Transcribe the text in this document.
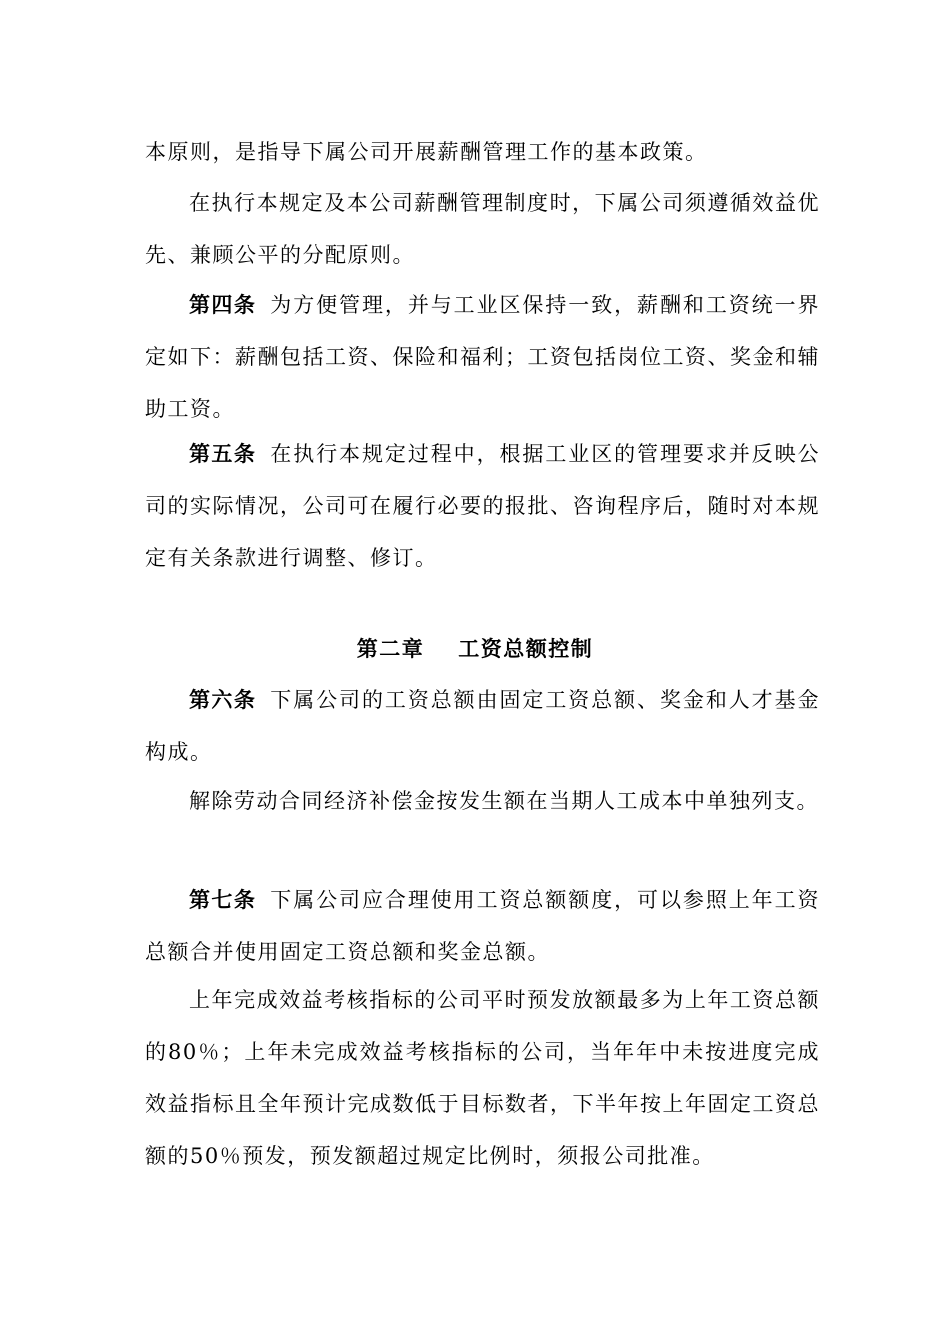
本原则，是指导下属公司开展薪酬管理工作的基本政策。

在执行本规定及本公司薪酬管理制度时，下属公司须遵循效益优先、兼顾公平的分配原则。

第四条 为方便管理，并与工业区保持一致，薪酬和工资统一界定如下：薪酬包括工资、保险和福利；工资包括岗位工资、奖金和辅助工资。

第五条 在执行本规定过程中，根据工业区的管理要求并反映公司的实际情况，公司可在履行必要的报批、咨询程序后，随时对本规定有关条款进行调整、修订。

第二章 工资总额控制

第六条 下属公司的工资总额由固定工资总额、奖金和人才基金构成。

解除劳动合同经济补偿金按发生额在当期人工成本中单独列支。

第七条 下属公司应合理使用工资总额额度，可以参照上年工资总额合并使用固定工资总额和奖金总额。

上年完成效益考核指标的公司平时预发放额最多为上年工资总额的80％；上年未完成效益考核指标的公司，当年年中未按进度完成效益指标且全年预计完成数低于目标数者，下半年按上年固定工资总额的50％预发，预发额超过规定比例时，须报公司批准。
